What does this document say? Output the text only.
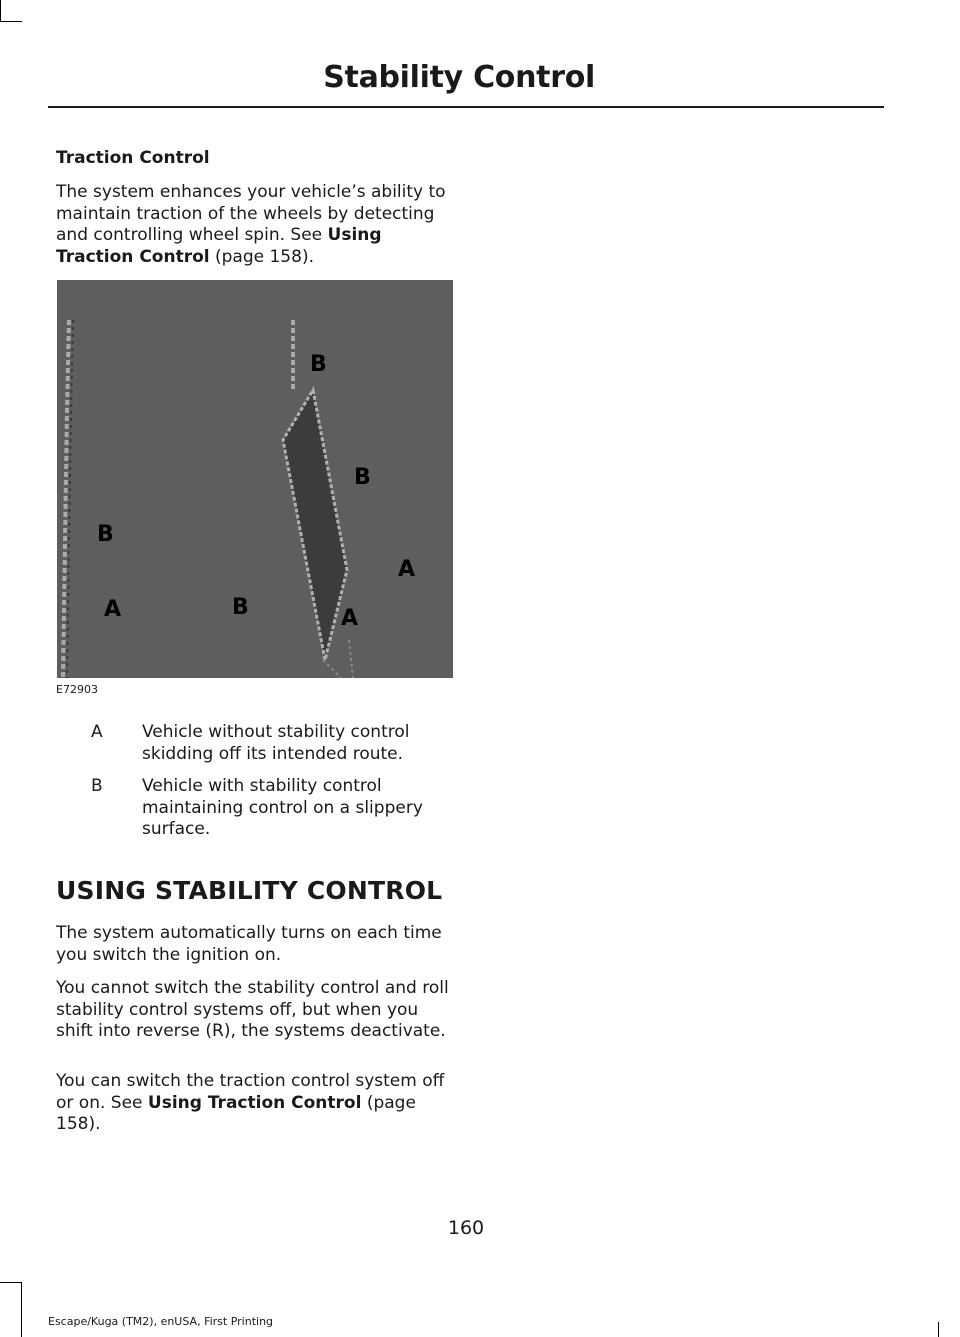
Stability Control
Traction Control
The system enhances your vehicle’s ability to maintain traction of the wheels by detecting and controlling wheel spin. See Using Traction Control (page 158).
B
B
B
A
A	B	A
E72903
A	Vehicle without stability control skidding off its intended route.
B	Vehicle with stability control maintaining control on a slippery surface.
USING STABILITY CONTROL
The system automatically turns on each time you switch the ignition on.
You cannot switch the stability control and roll stability control systems off, but when you shift into reverse (R), the systems deactivate.
You can switch the traction control system off or on. See Using Traction Control (page 158).
160
Escape/Kuga (TM2), enUSA, First Printing
